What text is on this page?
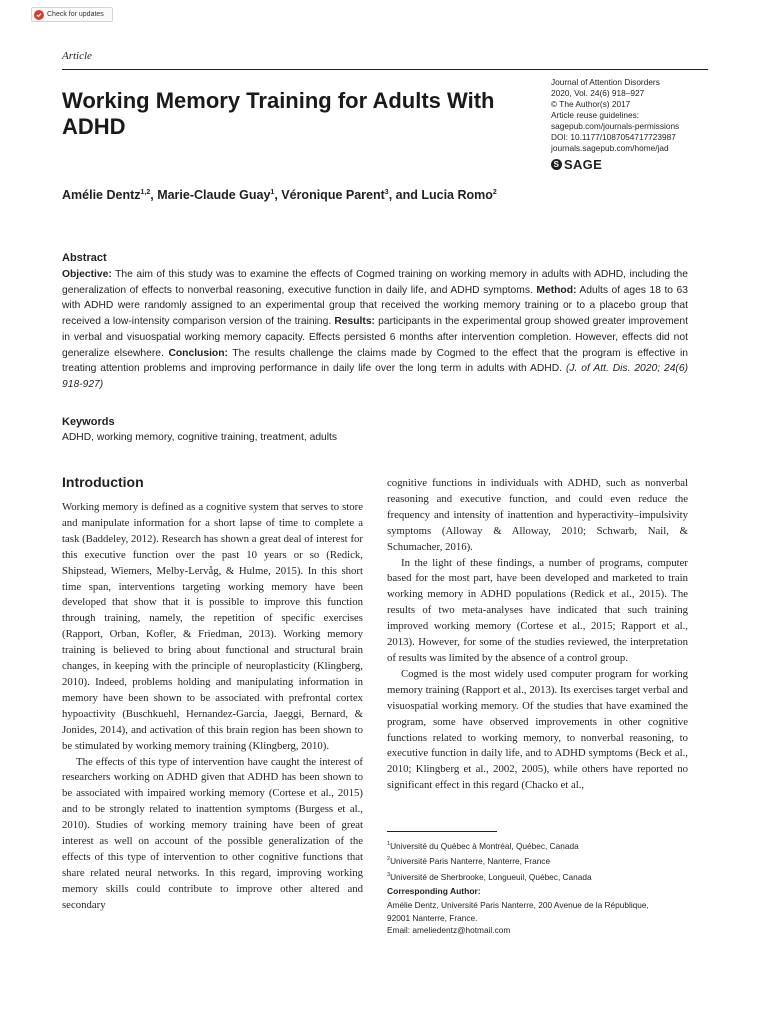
Check for updates
Article
Working Memory Training for Adults With ADHD
Journal of Attention Disorders
2020, Vol. 24(6) 918–927
© The Author(s) 2017
Article reuse guidelines:
sagepub.com/journals-permissions
DOI: 10.1177/1087054717723987
journals.sagepub.com/home/jad
S SAGE
Amélie Dentz$^{1,2}$, Marie-Claude Guay$^1$, Véronique Parent$^3$, and Lucia Romo$^2$
Abstract
Objective: The aim of this study was to examine the effects of Cogmed training on working memory in adults with ADHD, including the generalization of effects to nonverbal reasoning, executive function in daily life, and ADHD symptoms. Method: Adults of ages 18 to 63 with ADHD were randomly assigned to an experimental group that received the working memory training or to a placebo group that received a low-intensity comparison version of the training. Results: participants in the experimental group showed greater improvement in verbal and visuospatial working memory capacity. Effects persisted 6 months after intervention completion. However, effects did not generalize elsewhere. Conclusion: The results challenge the claims made by Cogmed to the effect that the program is effective in treating attention problems and improving performance in daily life over the long term in adults with ADHD. (J. of Att. Dis. 2020; 24(6) 918-927)
Keywords
ADHD, working memory, cognitive training, treatment, adults
Introduction

Working memory is defined as a cognitive system that serves to store and manipulate information for a short lapse of time to complete a task (Baddeley, 2012). Research has shown a great deal of interest for this executive function over the past 10 years or so (Redick, Shipstead, Wiemers, Melby-Lervåg, & Hulme, 2015). In this short time span, interventions targeting working memory have been developed that show that it is possible to improve this function through training, namely, the repetition of specific exercises (Rapport, Orban, Kofler, & Friedman, 2013). Working memory training is believed to bring about functional and structural brain changes, in keeping with the principle of neuroplasticity (Klingberg, 2010). Indeed, problems holding and manipulating information in memory have been shown to be associated with prefrontal cortex hypoactivity (Buschkuehl, Hernandez-Garcia, Jaeggi, Bernard, & Jonides, 2014), and activation of this brain region has been shown to be stimulated by working memory training (Klingberg, 2010).

The effects of this type of intervention have caught the interest of researchers working on ADHD given that ADHD has been shown to be associated with impaired working memory (Cortese et al., 2015) and to be strongly related to inattention symptoms (Burgess et al., 2010). Studies of working memory training have been of great interest as well on account of the possible generalization of the effects of this type of intervention to other cognitive functions that share related neural networks. In this regard, improving working memory skills could contribute to improve other altered and secondary

cognitive functions in individuals with ADHD, such as nonverbal reasoning and executive function, and could even reduce the frequency and intensity of inattention and hyperactivity–impulsivity symptoms (Alloway & Alloway, 2010; Schwarb, Nail, & Schumacher, 2016).

In the light of these findings, a number of programs, computer based for the most part, have been developed and marketed to train working memory in ADHD populations (Redick et al., 2015). The results of two meta-analyses have indicated that such training improved working memory (Cortese et al., 2015; Rapport et al., 2013). However, for some of the studies reviewed, the interpretation of results was limited by the absence of a control group.

Cogmed is the most widely used computer program for working memory training (Rapport et al., 2013). Its exercises target verbal and visuospatial working memory. Of the studies that have examined the program, some have observed improvements in other cognitive functions related to working memory, to nonverbal reasoning, to executive function in daily life, and to ADHD symptoms (Beck et al., 2010; Klingberg et al., 2002, 2005), while others have reported no significant effect in this regard (Chacko et al.,

$^1$Université du Québec à Montréal, Québec, Canada
$^2$Université Paris Nanterre, Nanterre, France
$^3$Université de Sherbrooke, Longueuil, Québec, Canada
Corresponding Author:
Amélie Dentz, Université Paris Nanterre, 200 Avenue de la République,
92001 Nanterre, France.
Email: ameliedentz@hotmail.com
